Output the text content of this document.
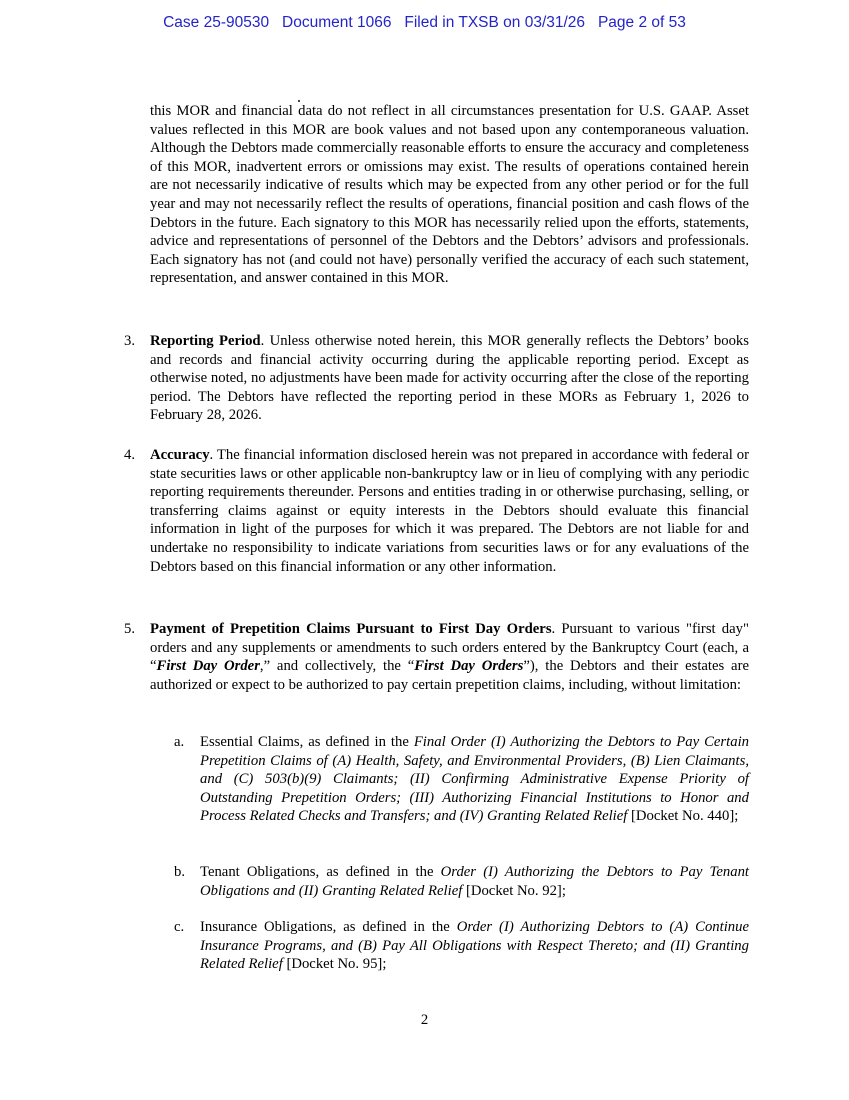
Case 25-90530 Document 1066 Filed in TXSB on 03/31/26 Page 2 of 53
this MOR and financial data do not reflect in all circumstances presentation for U.S. GAAP. Asset values reflected in this MOR are book values and not based upon any contemporaneous valuation. Although the Debtors made commercially reasonable efforts to ensure the accuracy and completeness of this MOR, inadvertent errors or omissions may exist. The results of operations contained herein are not necessarily indicative of results which may be expected from any other period or for the full year and may not necessarily reflect the results of operations, financial position and cash flows of the Debtors in the future. Each signatory to this MOR has necessarily relied upon the efforts, statements, advice and representations of personnel of the Debtors and the Debtors’ advisors and professionals. Each signatory has not (and could not have) personally verified the accuracy of each such statement, representation, and answer contained in this MOR.
3.	Reporting Period. Unless otherwise noted herein, this MOR generally reflects the Debtors’ books and records and financial activity occurring during the applicable reporting period. Except as otherwise noted, no adjustments have been made for activity occurring after the close of the reporting period. The Debtors have reflected the reporting period in these MORs as February 1, 2026 to February 28, 2026.
4.	Accuracy. The financial information disclosed herein was not prepared in accordance with federal or state securities laws or other applicable non-bankruptcy law or in lieu of complying with any periodic reporting requirements thereunder. Persons and entities trading in or otherwise purchasing, selling, or transferring claims against or equity interests in the Debtors should evaluate this financial information in light of the purposes for which it was prepared. The Debtors are not liable for and undertake no responsibility to indicate variations from securities laws or for any evaluations of the Debtors based on this financial information or any other information.
5.	Payment of Prepetition Claims Pursuant to First Day Orders. Pursuant to various "first day" orders and any supplements or amendments to such orders entered by the Bankruptcy Court (each, a “First Day Order,” and collectively, the “First Day Orders”), the Debtors and their estates are authorized or expect to be authorized to pay certain prepetition claims, including, without limitation:
a.	Essential Claims, as defined in the Final Order (I) Authorizing the Debtors to Pay Certain Prepetition Claims of (A) Health, Safety, and Environmental Providers, (B) Lien Claimants, and (C) 503(b)(9) Claimants; (II) Confirming Administrative Expense Priority of Outstanding Prepetition Orders; (III) Authorizing Financial Institutions to Honor and Process Related Checks and Transfers; and (IV) Granting Related Relief [Docket No. 440];
b.	Tenant Obligations, as defined in the Order (I) Authorizing the Debtors to Pay Tenant Obligations and (II) Granting Related Relief [Docket No. 92];
c.	Insurance Obligations, as defined in the Order (I) Authorizing Debtors to (A) Continue Insurance Programs, and (B) Pay All Obligations with Respect Thereto; and (II) Granting Related Relief [Docket No. 95];
2
